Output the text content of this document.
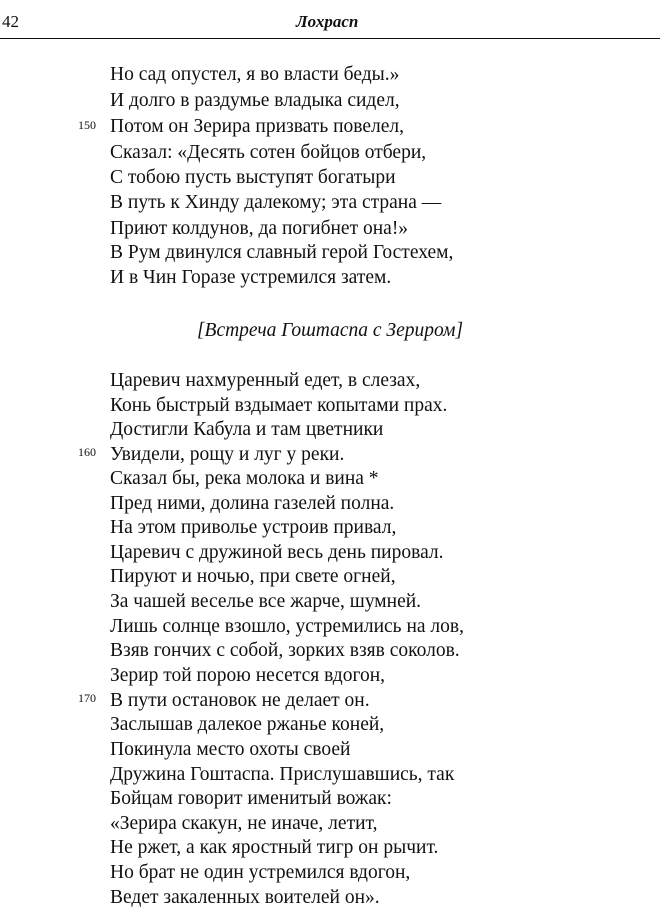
42	Лохрасп
Но сад опустел, я во власти беды.»
И долго в раздумье владыка сидел,
150 Потом он Зерира призвать повелел,
Сказал: «Десять сотен бойцов отбери,
С тобою пусть выступят богатыри
В путь к Хинду далекому; эта страна —
Приют колдунов, да погибнет она!»
В Рум двинулся славный герой Гостехем,
И в Чин Горазе устремился затем.
[Встреча Гоштаспа с Зериром]
Царевич нахмуренный едет, в слезах,
Конь быстрый вздымает копытами прах.
Достигли Кабула и там цветники
160 Увидели, рощу и луг у реки.
Сказал бы, река молока и вина *
Пред ними, долина газелей полна.
На этом приволье устроив привал,
Царевич с дружиной весь день пировал.
Пируют и ночью, при свете огней,
За чашей веселье все жарче, шумней.
Лишь солнце взошло, устремились на лов,
Взяв гончих с собой, зорких взяв соколов.
Зерир той порою несется вдогон,
170 В пути остановок не делает он.
Заслышав далекое ржанье коней,
Покинула место охоты своей
Дружина Гоштаспа. Прислушавшись, так
Бойцам говорит именитый вожак:
«Зерира скакун, не иначе, летит,
Не ржет, а как яростный тигр он рычит.
Но брат не один устремился вдогон,
Ведет закаленных воителей он».
